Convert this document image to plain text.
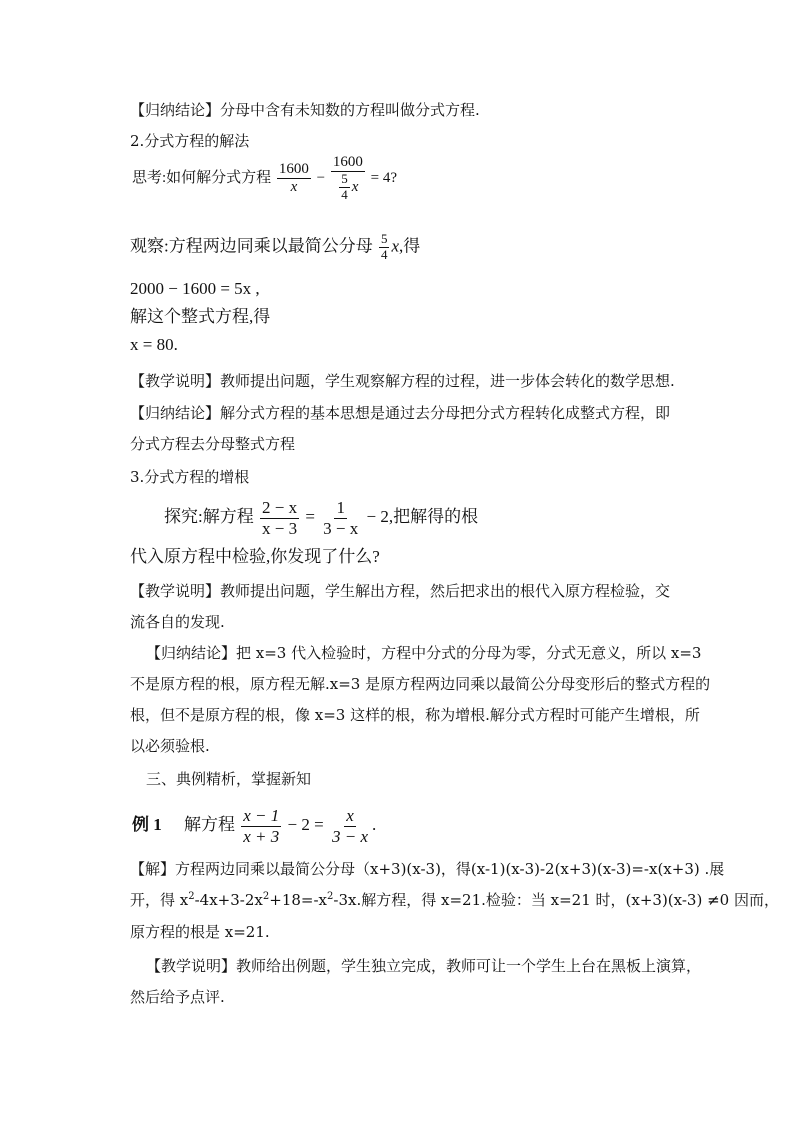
【归纳结论】分母中含有未知数的方程叫做分式方程.
2.分式方程的解法
思考:如何解分式方程 $\frac{1600}{x} - \frac{1600}{\frac{5}{4} x} = 4$?
观察:方程两边同乘以最简公分母 $\frac{5}{4} x$,得
2000 − 1600 = 5x ,
解这个整式方程,得
x = 80.
【教学说明】教师提出问题，学生观察解方程的过程，进一步体会转化的数学思想.
【归纳结论】解分式方程的基本思想是通过去分母把分式方程转化成整式方程，即
分式方程去分母整式方程
3.分式方程的增根
探究:解方程 $\frac{2 - x}{x - 3} = \frac{1}{3 - x} - 2$,把解得的根
代入原方程中检验,你发现了什么?
【教学说明】教师提出问题，学生解出方程，然后把求出的根代入原方程检验，交
流各自的发现.
【归纳结论】把 x=3 代入检验时，方程中分式的分母为零，分式无意义，所以 x=3
不是原方程的根，原方程无解.x=3 是原方程两边同乘以最简公分母变形后的整式方程的
根，但不是原方程的根，像 x=3 这样的根，称为增根.解分式方程时可能产生增根，所
以必须验根.
三、典例精析，掌握新知
例 1 解方程 $\frac{x - 1}{x + 3} - 2 = \frac{x}{3 - x}$ .
【解】方程两边同乘以最简公分母（x+3)(x-3)，得(x-1)(x-3)-2(x+3)(x-3)=-x(x+3) .展
开，得 $x^2-4x+3-2x^2+18=-x^2-3x$.解方程，得 x=21.检验：当 x=21 时，(x+3)(x-3) ≠0 因而，
原方程的根是 x=21.
【教学说明】教师给出例题，学生独立完成，教师可让一个学生上台在黑板上演算，
然后给予点评.
